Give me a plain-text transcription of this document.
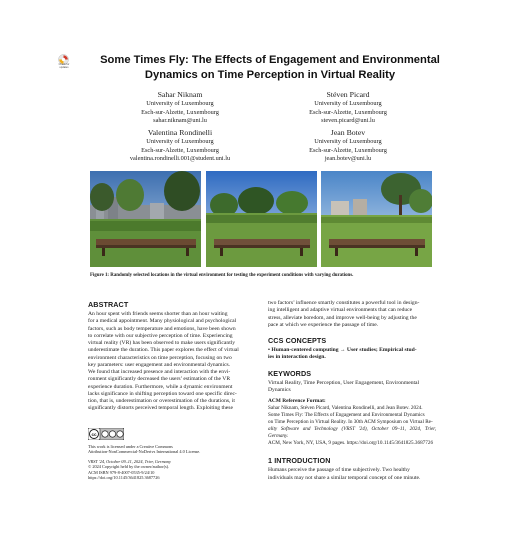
Check for updates
Some Times Fly: The Effects of Engagement and Environmental
Dynamics on Time Perception in Virtual Reality
Sahar Niknam
University of Luxembourg
Esch-sur-Alzette, Luxembourg
sahar.niknam@uni.lu
Stéven Picard
University of Luxembourg
Esch-sur-Alzette, Luxembourg
steven.picard@uni.lu
Valentina Rondinelli
University of Luxembourg
Esch-sur-Alzette, Luxembourg
valentina.rondinelli.001@student.uni.lu
Jean Botev
University of Luxembourg
Esch-sur-Alzette, Luxembourg
jean.botev@uni.lu
Figure 1: Randomly selected locations in the virtual environment for testing the experiment conditions with varying durations.
ABSTRACT
An hour spent with friends seems shorter than an hour waiting
for a medical appointment. Many physiological and psychological
factors, such as body temperature and emotions, have been shown
to correlate with our subjective perception of time. Experiencing
virtual reality (VR) has been observed to make users significantly
underestimate the duration. This paper explores the effect of virtual
environment characteristics on time perception, focusing on two
key parameters: user engagement and environmental dynamics.
We found that increased presence and interaction with the envi-
ronment significantly decreased the users’ estimation of the VR
experience duration. Furthermore, while a dynamic environment
lacks significance in shifting perception toward one specific direc-
tion, that is, underestimation or overestimation of the durations, it
significantly distorts perceived temporal length. Exploiting these
cc
This work is licensed under a Creative Commons
Attribution-NonCommercial-NoDerivs International 4.0 License.
VRST '24, October 09–11, 2024, Trier, Germany
© 2024 Copyright held by the owner/author(s).
ACM ISBN 979-8-4007-0535-9/24/10
https://doi.org/10.1145/3641825.3687726
two factors’ influence smartly constitutes a powerful tool in design-
ing intelligent and adaptive virtual environments that can reduce
stress, alleviate boredom, and improve well-being by adjusting the
pace at which we experience the passage of time.
CCS CONCEPTS
• Human-centered computing → User studies; Empirical stud-
ies in interaction design.
KEYWORDS
Virtual Reality, Time Perception, User Engagement, Environmental
Dynamics
ACM Reference Format:
Sahar Niknam, Stéven Picard, Valentina Rondinelli, and Jean Botev. 2024.
Some Times Fly: The Effects of Engagement and Environmental Dynamics
on Time Perception in Virtual Reality. In 30th ACM Symposium on Virtual Re-
ality Software and Technology (VRST '24), October 09–11, 2024, Trier, Germany.
ACM, New York, NY, USA, 9 pages. https://doi.org/10.1145/3641825.3687726
1 INTRODUCTION
Humans perceive the passage of time subjectively. Two healthy
individuals may not share a similar temporal concept of one minute.
